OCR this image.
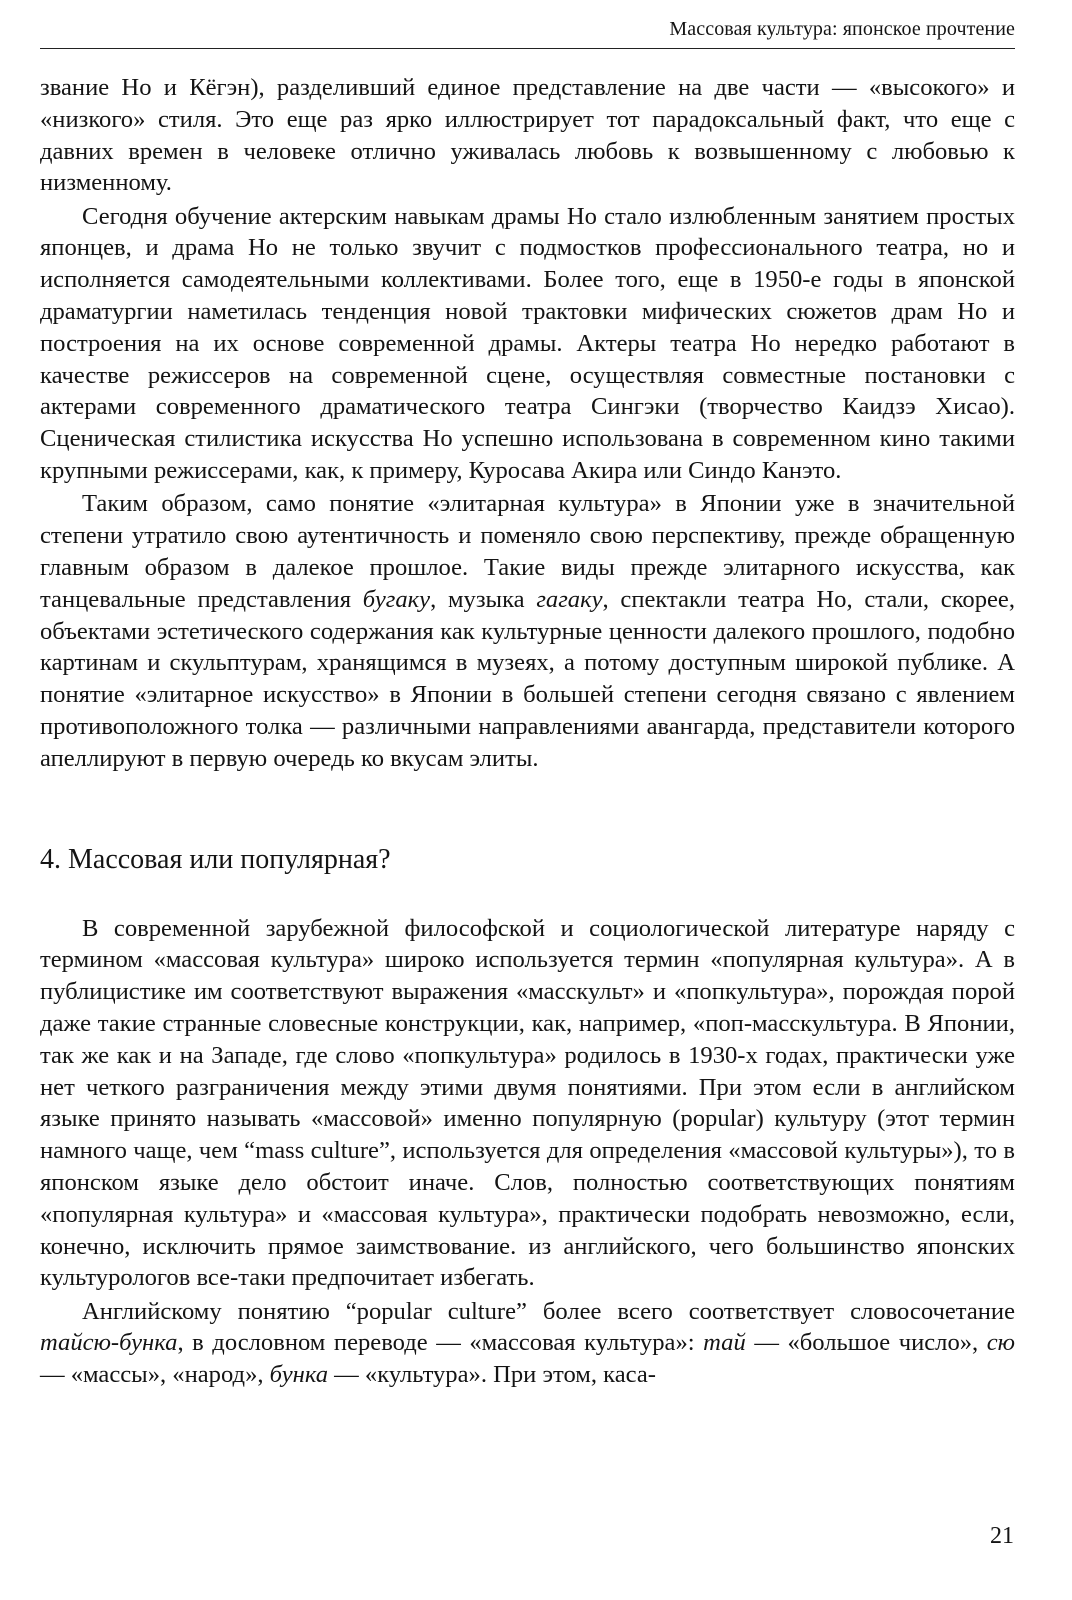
Массовая культура: японское прочтение

звание Но и Кёгэн), разделивший единое представление на две части — «высокого» и «низкого» стиля. Это еще раз ярко иллюстрирует тот парадоксальный факт, что еще с давних времен в человеке отлично уживалась любовь к возвышенному с любовью к низменному.

Сегодня обучение актерским навыкам драмы Но стало излюбленным занятием простых японцев, и драма Но не только звучит с подмостков профессионального театра, но и исполняется самодеятельными коллективами. Более того, еще в 1950-е годы в японской драматургии наметилась тенденция новой трактовки мифических сюжетов драм Но и построения на их основе современной драмы. Актеры театра Но нередко работают в качестве режиссеров на современной сцене, осуществляя совместные постановки с актерами современного драматического театра Сингэки (творчество Каидзэ Хисао). Сценическая стилистика искусства Но успешно использована в современном кино такими крупными режиссерами, как, к примеру, Куросава Акира или Синдо Канэто.

Таким образом, само понятие «элитарная культура» в Японии уже в значительной степени утратило свою аутентичность и поменяло свою перспективу, прежде обращенную главным образом в далекое прошлое. Такие виды прежде элитарного искусства, как танцевальные представления бугаку, музыка гагаку, спектакли театра Но, стали, скорее, объектами эстетического содержания как культурные ценности далекого прошлого, подобно картинам и скульптурам, хранящимся в музеях, а потому доступным широкой публике. А понятие «элитарное искусство» в Японии в большей степени сегодня связано с явлением противоположного толка — различными направлениями авангарда, представители которого апеллируют в первую очередь ко вкусам элиты.

4. Массовая или популярная?

В современной зарубежной философской и социологической литературе наряду с термином «массовая культура» широко используется термин «популярная культура». А в публицистике им соответствуют выражения «масскульт» и «попкультура», порождая порой даже такие странные словесные конструкции, как, например, «поп-масскультура. В Японии, так же как и на Западе, где слово «попкультура» родилось в 1930-х годах, практически уже нет четкого разграничения между этими двумя понятиями. При этом если в английском языке принято называть «массовой» именно популярную (popular) культуру (этот термин намного чаще, чем “mass culture”, используется для определения «массовой культуры»), то в японском языке дело обстоит иначе. Слов, полностью соответствующих понятиям «популярная культура» и «массовая культура», практически подобрать невозможно, если, конечно, исключить прямое заимствование. из английского, чего большинство японских культурологов все-таки предпочитает избегать.

Английскому понятию “popular culture” более всего соответствует словосочетание тайсю-бунка, в дословном переводе — «массовая культура»: тай — «большое число», сю — «массы», «народ», бунка — «культура». При этом, каса-

21
